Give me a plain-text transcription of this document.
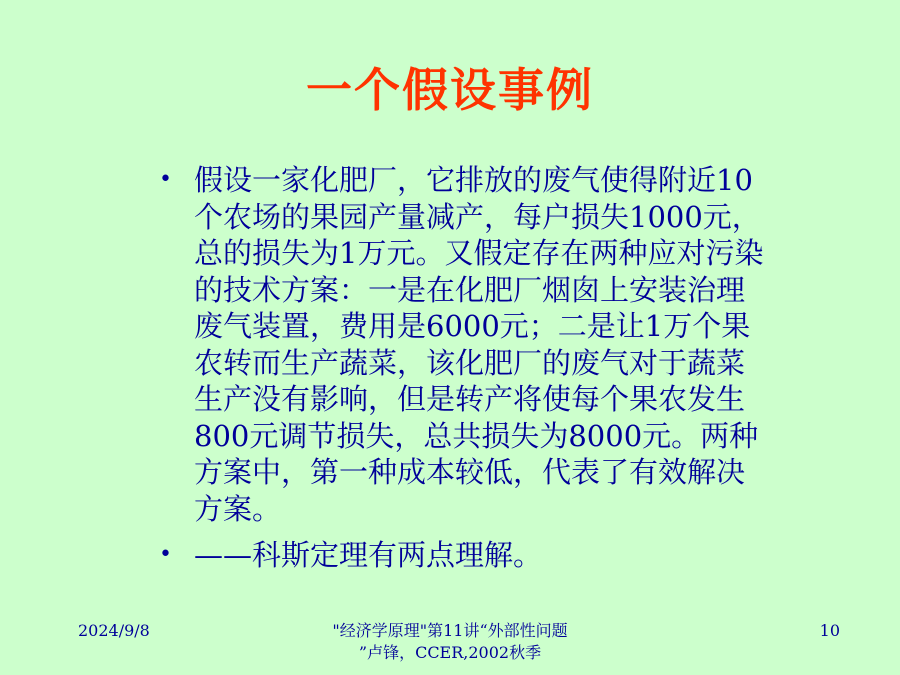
一个假设事例
• 假设一家化肥厂，它排放的废气使得附近10个农场的果园产量减产，每户损失1000元，总的损失为1万元。又假定存在两种应对污染的技术方案：一是在化肥厂烟囱上安装治理废气装置，费用是6000元；二是让1万个果农转而生产蔬菜，该化肥厂的废气对于蔬菜生产没有影响，但是转产将使每个果农发生800元调节损失，总共损失为8000元。两种方案中，第一种成本较低，代表了有效解决方案。
• ——科斯定理有两点理解。
2024/9/8	"经济学原理"第11讲“外部性问题
”卢锋，CCER,2002秋季
10
